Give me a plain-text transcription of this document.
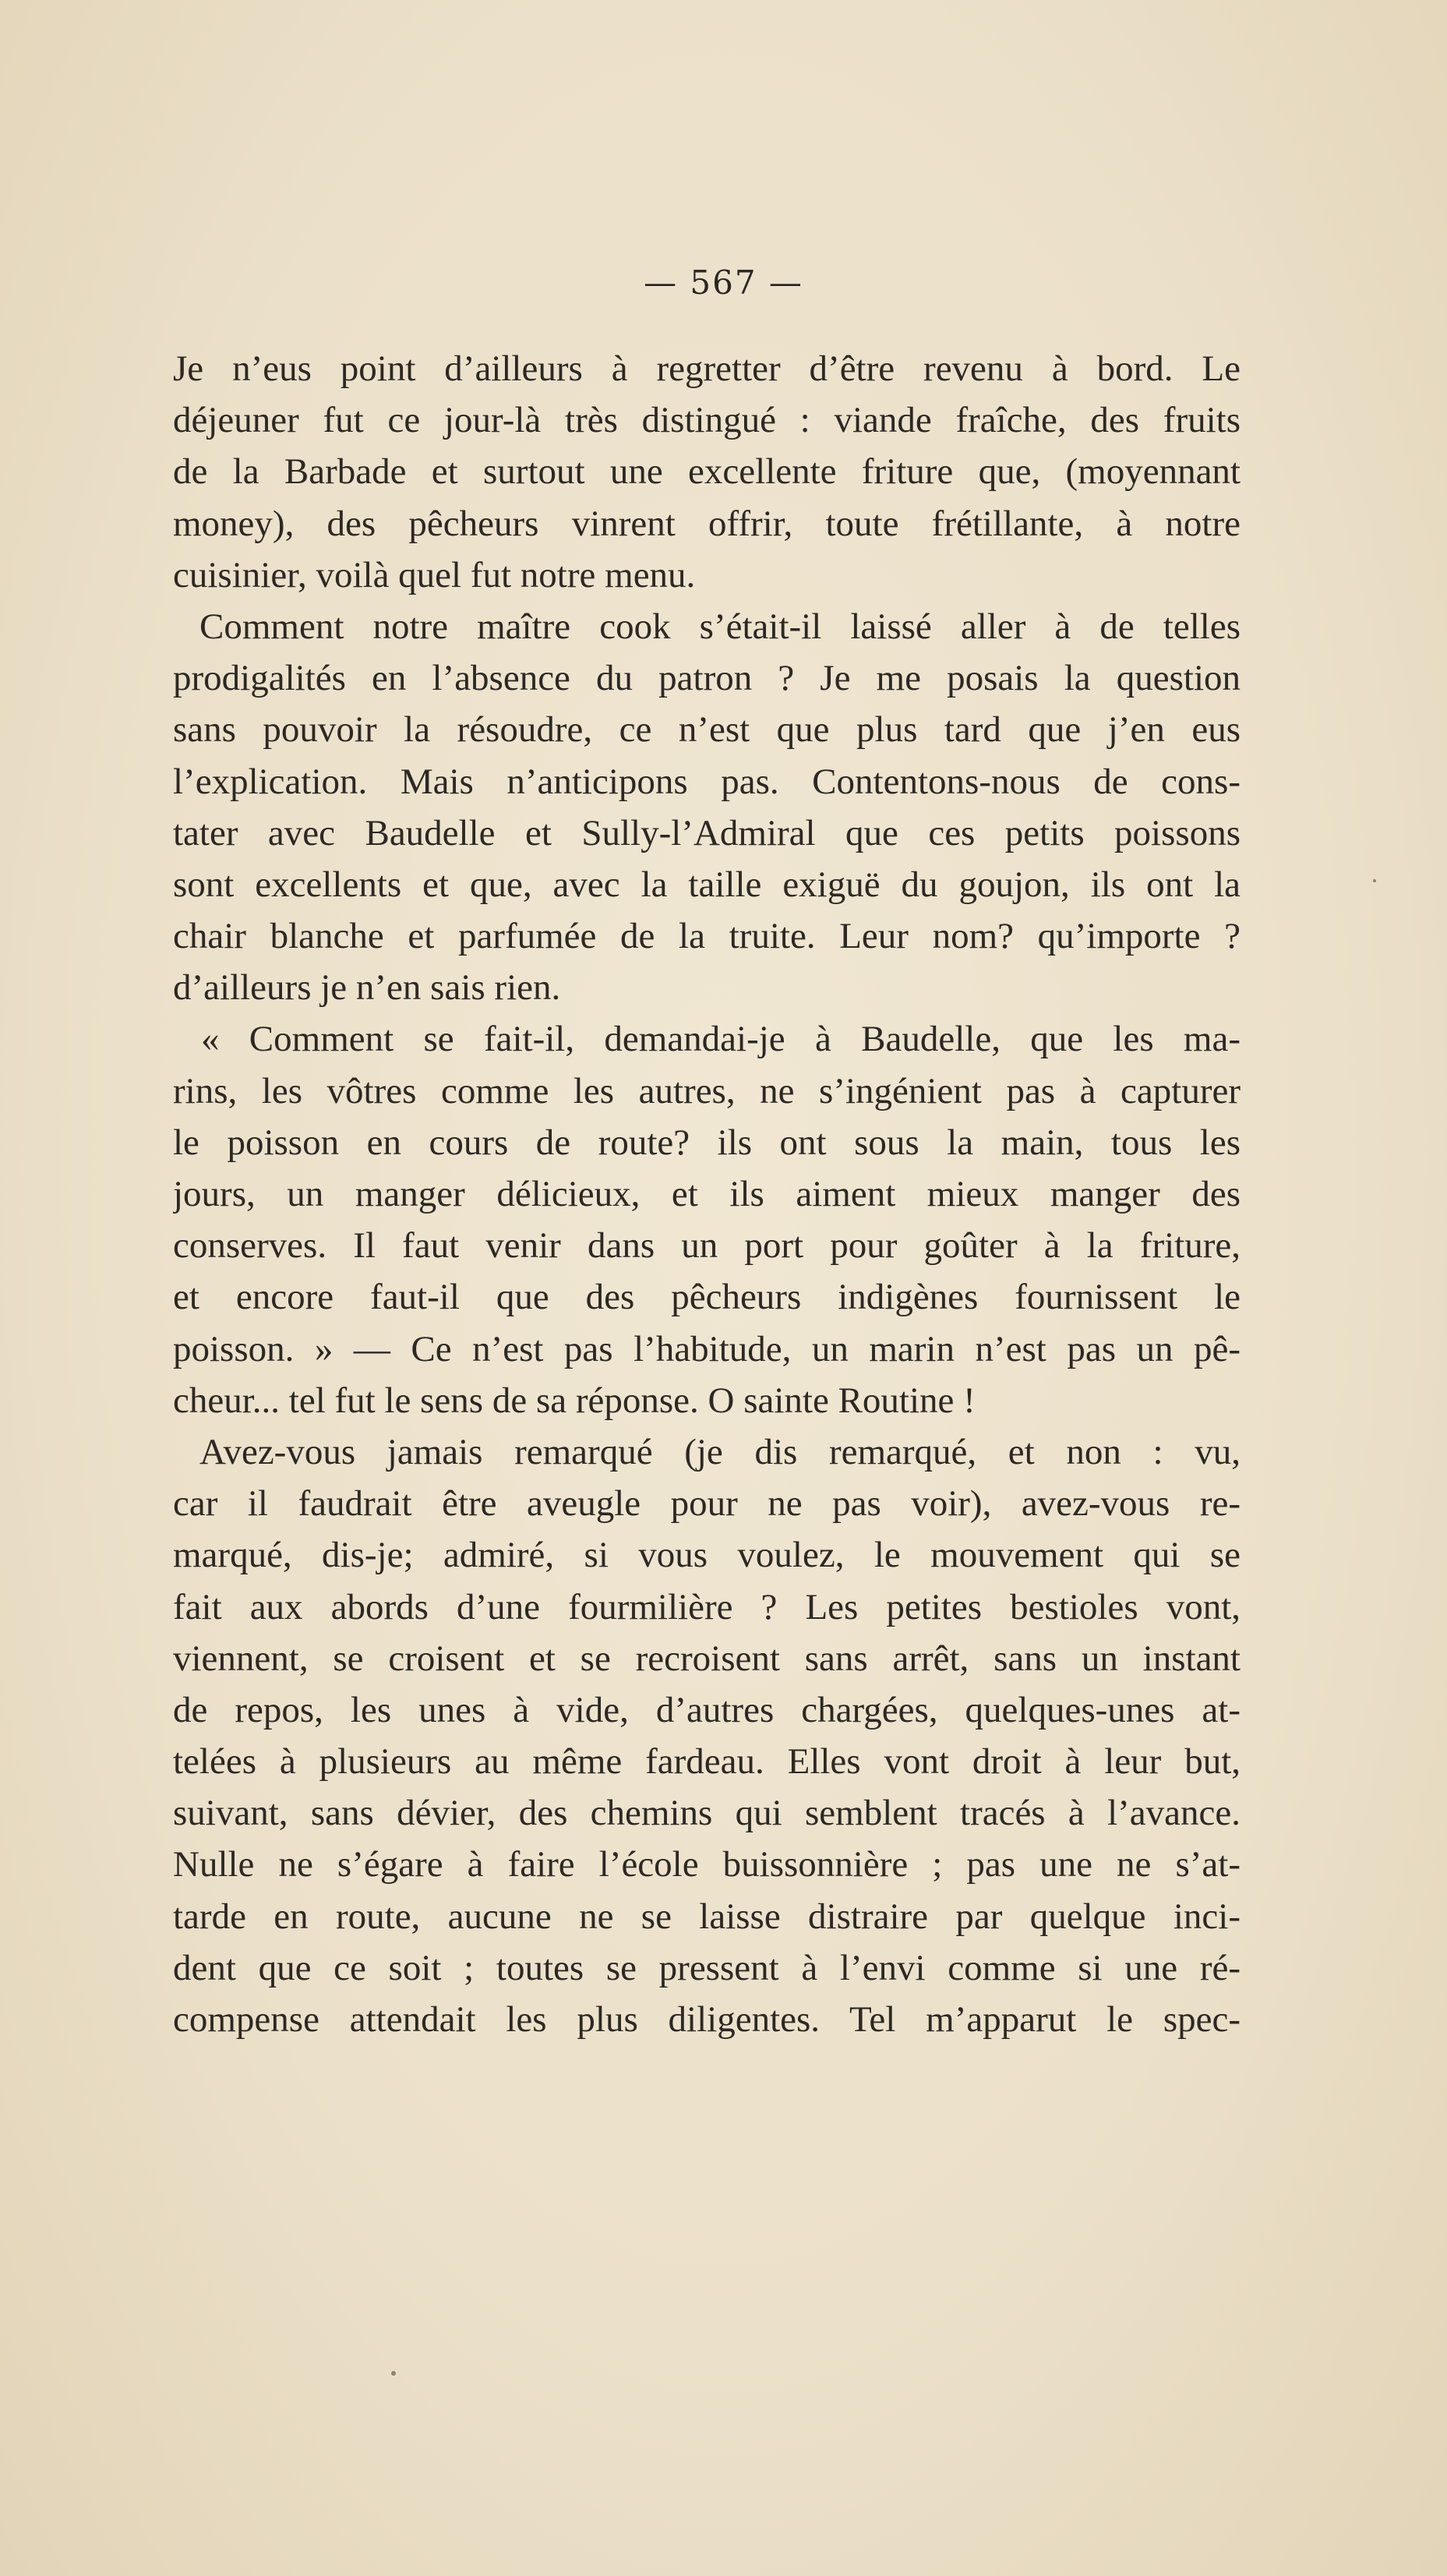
— 567 —
Je n’eus point d’ailleurs à regretter d’être revenu à bord. Le
déjeuner fut ce jour-là très distingué : viande fraîche, des fruits
de la Barbade et surtout une excellente friture que, (moyennant
money), des pêcheurs vinrent offrir, toute frétillante, à notre
cuisinier, voilà quel fut notre menu.
Comment notre maître cook s’était-il laissé aller à de telles
prodigalités en l’absence du patron ? Je me posais la question
sans pouvoir la résoudre, ce n’est que plus tard que j’en eus
l’explication. Mais n’anticipons pas. Contentons-nous de cons-
tater avec Baudelle et Sully-l’Admiral que ces petits poissons
sont excellents et que, avec la taille exiguë du goujon, ils ont la
chair blanche et parfumée de la truite. Leur nom? qu’importe ?
d’ailleurs je n’en sais rien.
« Comment se fait-il, demandai-je à Baudelle, que les ma-
rins, les vôtres comme les autres, ne s’ingénient pas à capturer
le poisson en cours de route? ils ont sous la main, tous les
jours, un manger délicieux, et ils aiment mieux manger des
conserves. Il faut venir dans un port pour goûter à la friture,
et encore faut-il que des pêcheurs indigènes fournissent le
poisson. » — Ce n’est pas l’habitude, un marin n’est pas un pê-
cheur... tel fut le sens de sa réponse. O sainte Routine !
Avez-vous jamais remarqué (je dis remarqué, et non : vu,
car il faudrait être aveugle pour ne pas voir), avez-vous re-
marqué, dis-je; admiré, si vous voulez, le mouvement qui se
fait aux abords d’une fourmilière ? Les petites bestioles vont,
viennent, se croisent et se recroisent sans arrêt, sans un instant
de repos, les unes à vide, d’autres chargées, quelques-unes at-
telées à plusieurs au même fardeau. Elles vont droit à leur but,
suivant, sans dévier, des chemins qui semblent tracés à l’avance.
Nulle ne s’égare à faire l’école buissonnière ; pas une ne s’at-
tarde en route, aucune ne se laisse distraire par quelque inci-
dent que ce soit ; toutes se pressent à l’envi comme si une ré-
compense attendait les plus diligentes. Tel m’apparut le spec-
